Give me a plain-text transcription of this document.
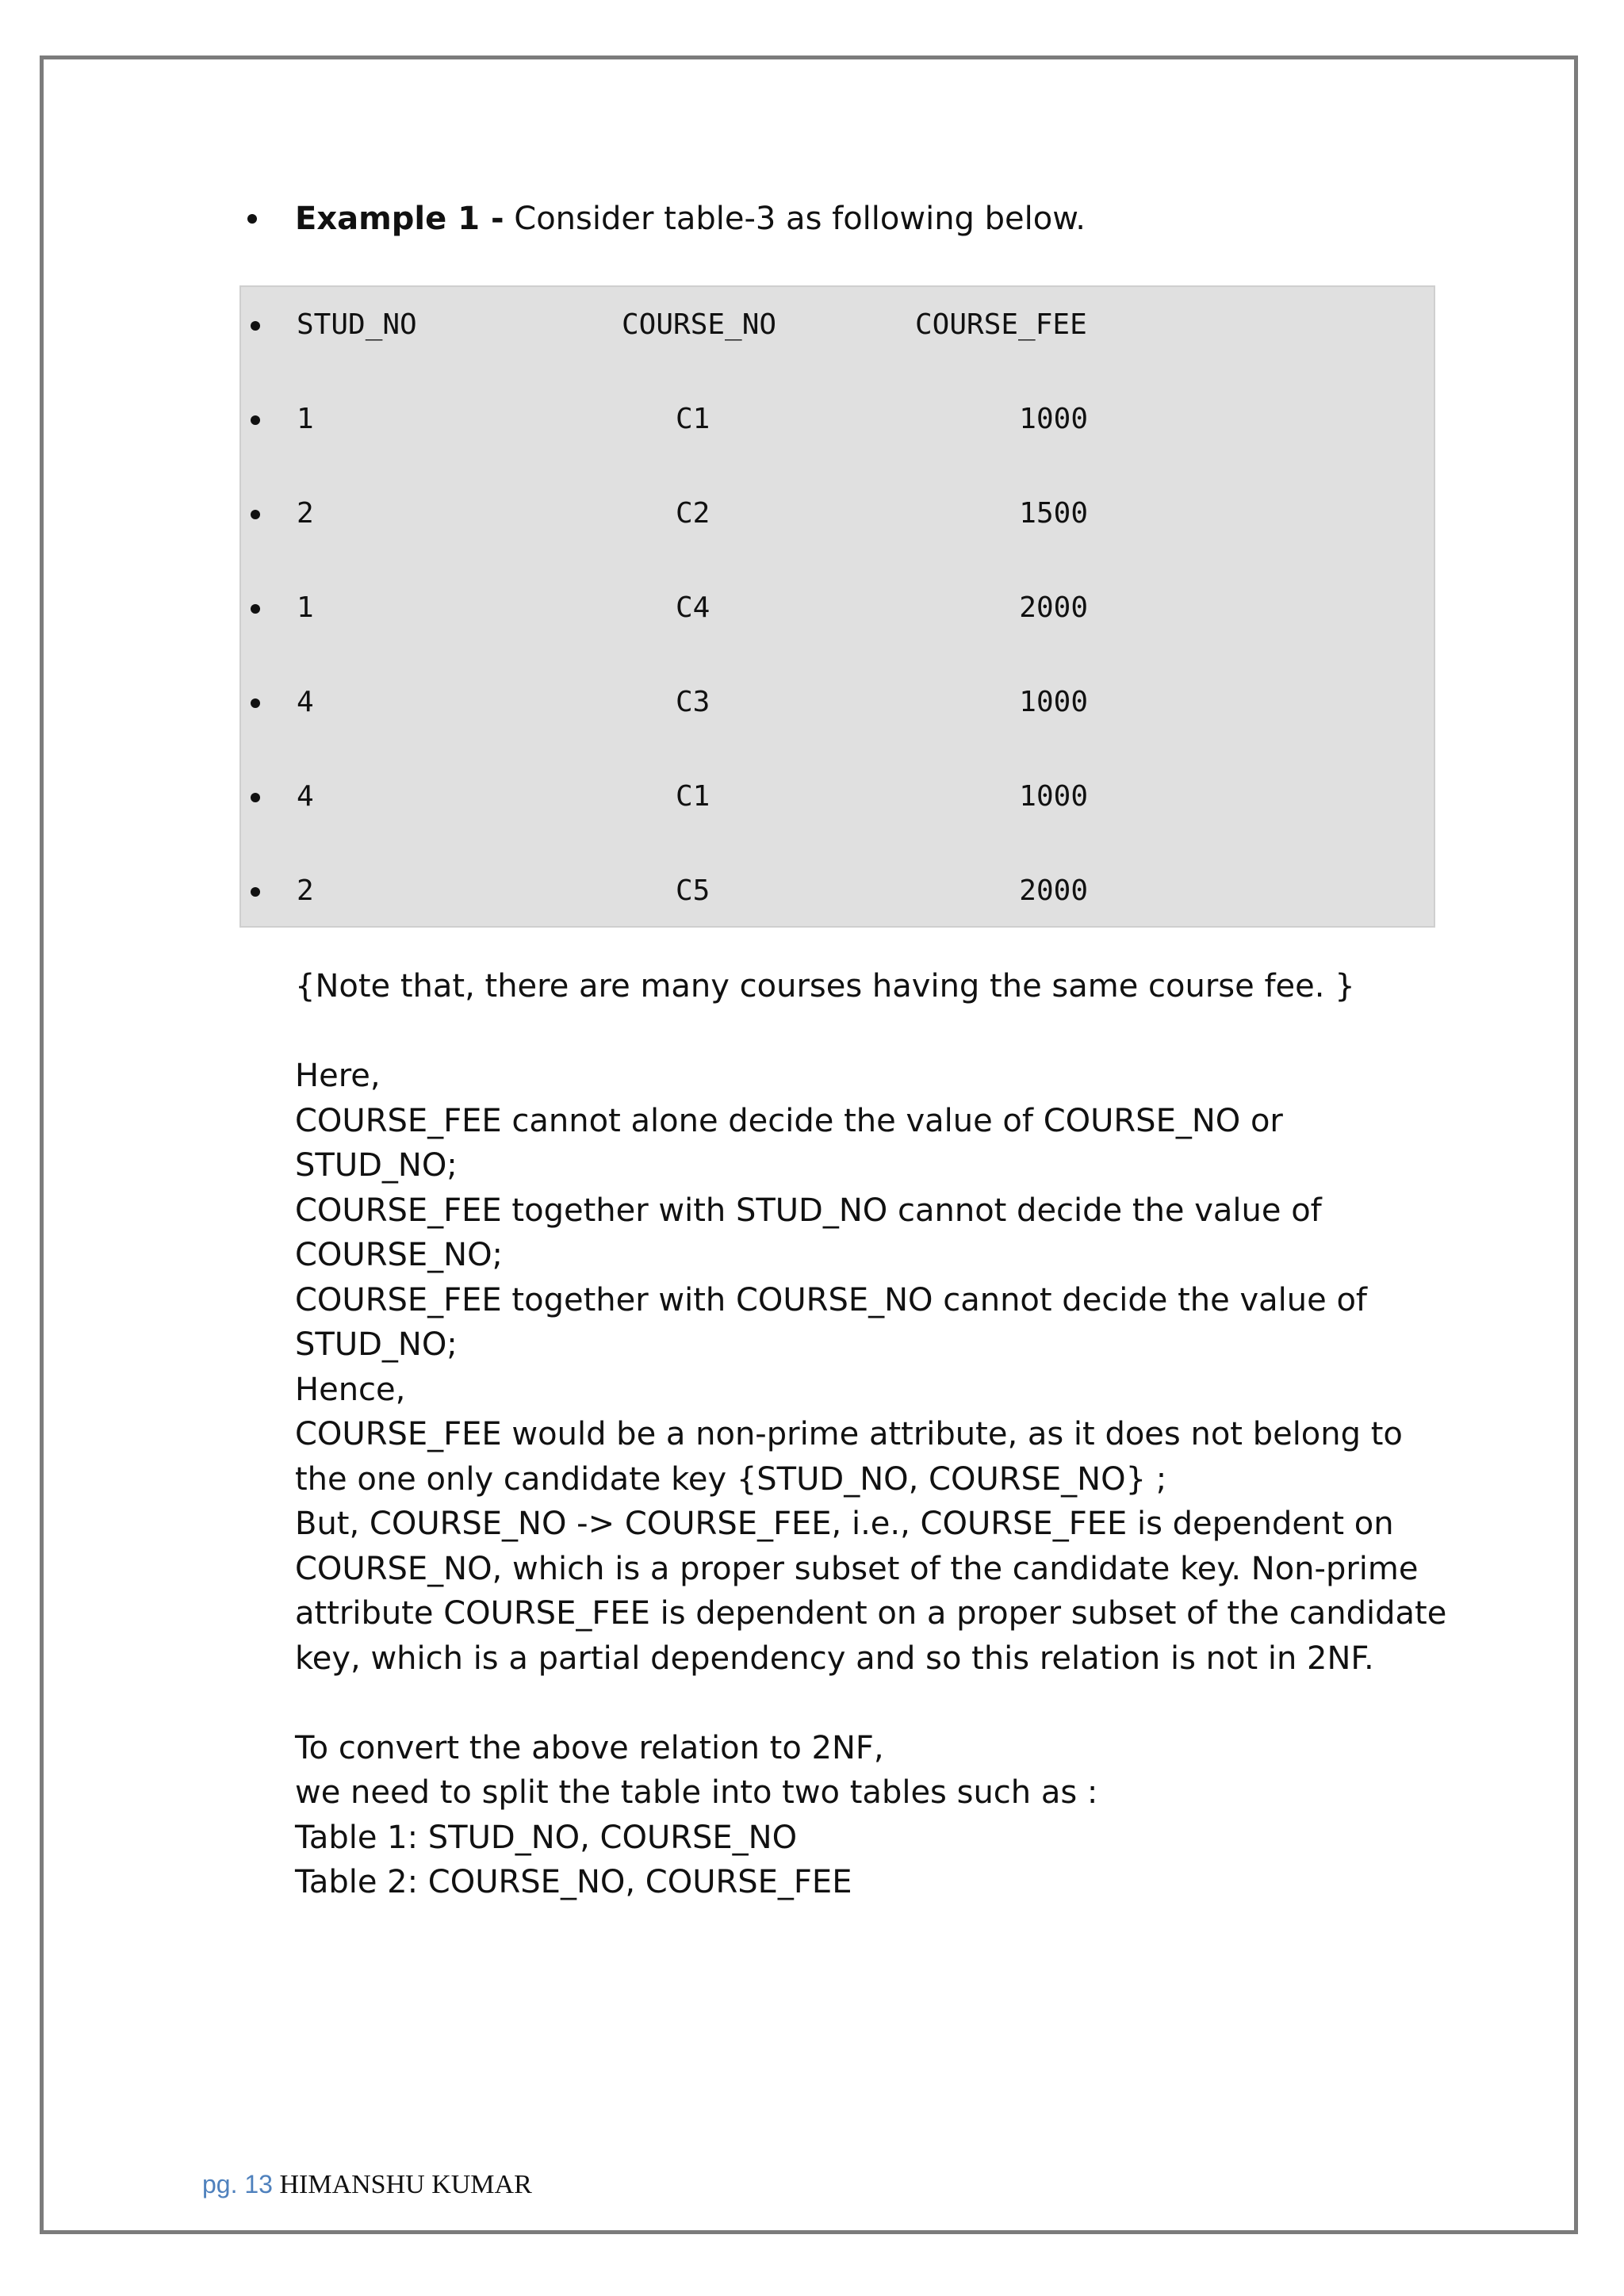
Example 1 - Consider table-3 as following below.
STUD_NO	COURSE_NO	COURSE_FEE
1	C1	1000
2	C2	1500
1	C4	2000
4	C3	1000
4	C1	1000
2	C5	2000

{Note that, there are many courses having the same course fee. }

Here,

COURSE_FEE cannot alone decide the value of COURSE_NO or STUD_NO;

COURSE_FEE together with STUD_NO cannot decide the value of COURSE_NO;

COURSE_FEE together with COURSE_NO cannot decide the value of STUD_NO;

Hence,

COURSE_FEE would be a non-prime attribute, as it does not belong to the one only candidate key {STUD_NO, COURSE_NO} ;

But, COURSE_NO -> COURSE_FEE, i.e., COURSE_FEE is dependent on COURSE_NO, which is a proper subset of the candidate key. Non-prime attribute COURSE_FEE is dependent on a proper subset of the candidate key, which is a partial dependency and so this relation is not in 2NF.

To convert the above relation to 2NF,

we need to split the table into two tables such as :

Table 1: STUD_NO, COURSE_NO

Table 2: COURSE_NO, COURSE_FEE

pg. 13 HIMANSHU KUMAR
